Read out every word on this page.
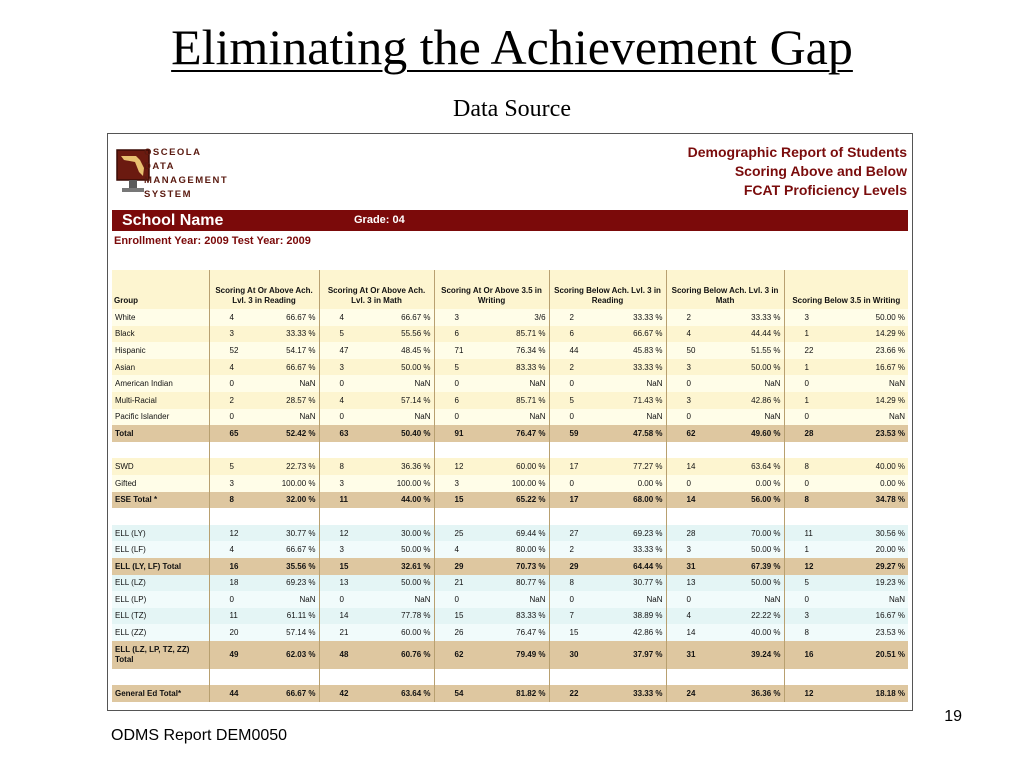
Eliminating the Achievement Gap
Data Source
OSCEOLA
DATA
MANAGEMENT
SYSTEM
Demographic Report of Students
Scoring Above and Below
FCAT Proficiency Levels
School Name	Grade: 04
Enrollment Year: 2009 Test Year: 2009
Group	Scoring At Or Above Ach. Lvl. 3 in Reading		Scoring At Or Above Ach. Lvl. 3 in Math		Scoring At Or Above 3.5 in Writing		Scoring Below Ach. Lvl. 3 in Reading		Scoring Below Ach. Lvl. 3 in Math		Scoring Below 3.5 in Writing	
White	4	66.67 %	4	66.67 %	3	3/6	2	33.33 %	2	33.33 %	3	50.00 %
Black	3	33.33 %	5	55.56 %	6	85.71 %	6	66.67 %	4	44.44 %	1	14.29 %
Hispanic	52	54.17 %	47	48.45 %	71	76.34 %	44	45.83 %	50	51.55 %	22	23.66 %
Asian	4	66.67 %	3	50.00 %	5	83.33 %	2	33.33 %	3	50.00 %	1	16.67 %
American Indian	0	NaN	0	NaN	0	NaN	0	NaN	0	NaN	0	NaN
Multi-Racial	2	28.57 %	4	57.14 %	6	85.71 %	5	71.43 %	3	42.86 %	1	14.29 %
Pacific Islander	0	NaN	0	NaN	0	NaN	0	NaN	0	NaN	0	NaN
Total	65	52.42 %	63	50.40 %	91	76.47 %	59	47.58 %	62	49.60 %	28	23.53 %

SWD	5	22.73 %	8	36.36 %	12	60.00 %	17	77.27 %	14	63.64 %	8	40.00 %
Gifted	3	100.00 %	3	100.00 %	3	100.00 %	0	0.00 %	0	0.00 %	0	0.00 %
ESE Total *	8	32.00 %	11	44.00 %	15	65.22 %	17	68.00 %	14	56.00 %	8	34.78 %

ELL (LY)	12	30.77 %	12	30.00 %	25	69.44 %	27	69.23 %	28	70.00 %	11	30.56 %
ELL (LF)	4	66.67 %	3	50.00 %	4	80.00 %	2	33.33 %	3	50.00 %	1	20.00 %
ELL (LY, LF) Total	16	35.56 %	15	32.61 %	29	70.73 %	29	64.44 %	31	67.39 %	12	29.27 %
ELL (LZ)	18	69.23 %	13	50.00 %	21	80.77 %	8	30.77 %	13	50.00 %	5	19.23 %
ELL (LP)	0	NaN	0	NaN	0	NaN	0	NaN	0	NaN	0	NaN
ELL (TZ)	11	61.11 %	14	77.78 %	15	83.33 %	7	38.89 %	4	22.22 %	3	16.67 %
ELL (ZZ)	20	57.14 %	21	60.00 %	26	76.47 %	15	42.86 %	14	40.00 %	8	23.53 %
ELL (LZ, LP, TZ, ZZ) Total	49	62.03 %	48	60.76 %	62	79.49 %	30	37.97 %	31	39.24 %	16	20.51 %

General Ed Total*	44	66.67 %	42	63.64 %	54	81.82 %	22	33.33 %	24	36.36 %	12	18.18 %
19
ODMS Report DEM0050
